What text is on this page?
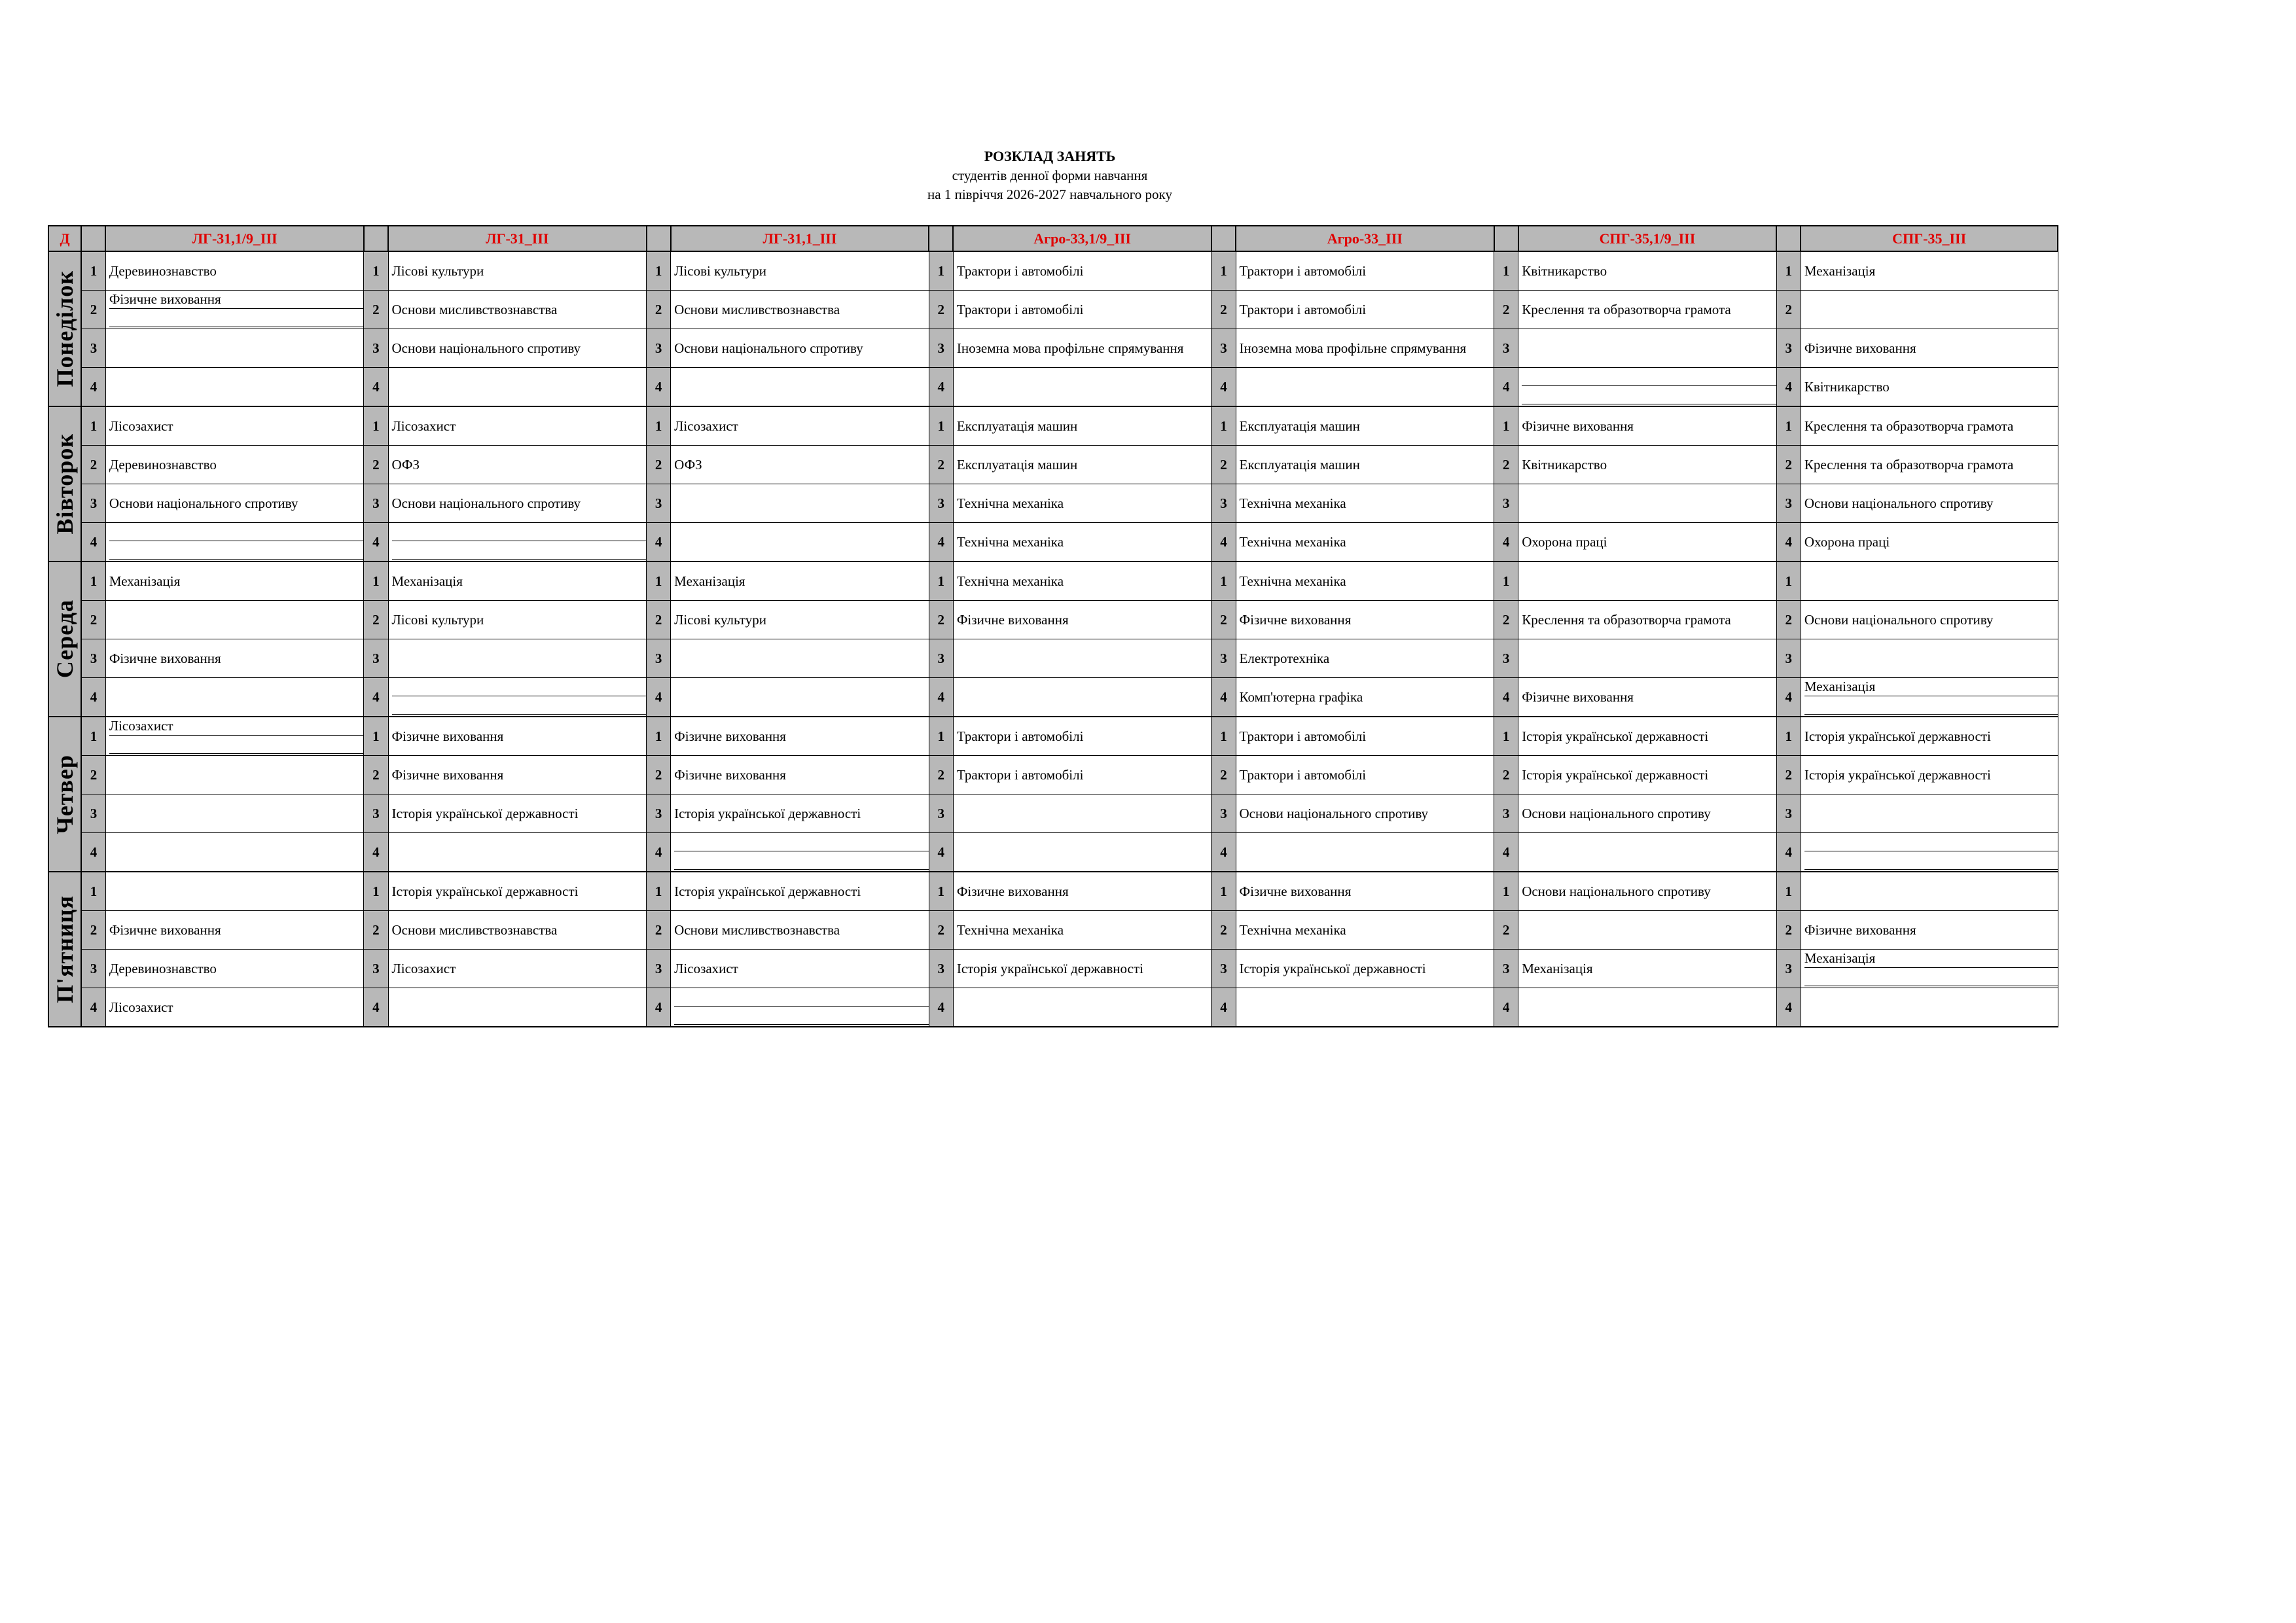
РОЗКЛАД ЗАНЯТЬ
студентів денної форми навчання
на 1 півріччя 2026-2027 навчального року
Д		ЛГ-31,1/9_ІІІ		ЛГ-31_ІІІ		ЛГ-31,1_ІІІ		Агро-33,1/9_ІІІ		Агро-33_ІІІ		СПГ-35,1/9_ІІІ		СПГ-35_ІІІ

Понеділок	1	Деревинознавство	1	Лісові культури	1	Лісові культури	1	Трактори і автомобілі	1	Трактори і автомобілі	1	Квітникарство	1	Механізація

	2	Фізичне виховання	2	Основи мисливствознавства	2	Основи мисливствознавства	2	Трактори і автомобілі	2	Трактори і автомобілі	2	Креслення та образотворча грамота	2	

	3		3	Основи національного спротиву	3	Основи національного спротиву	3	Іноземна мова профільне спрямування	3	Іноземна мова профільне спрямування	3		3	Фізичне виховання

	4		4		4		4		4		4		4	Квітникарство

Вівторок	1	Лісозахист	1	Лісозахист	1	Лісозахист	1	Експлуатація машин	1	Експлуатація машин	1	Фізичне виховання	1	Креслення та образотворча грамота

	2	Деревинознавство	2	ОФЗ	2	ОФЗ	2	Експлуатація машин	2	Експлуатація машин	2	Квітникарство	2	Креслення та образотворча грамота

	3	Основи національного спротиву	3	Основи національного спротиву	3		3	Технічна механіка	3	Технічна механіка	3		3	Основи національного спротиву

	4		4		4		4	Технічна механіка	4	Технічна механіка	4	Охорона праці	4	Охорона праці

Середа	1	Механізація	1	Механізація	1	Механізація	1	Технічна механіка	1	Технічна механіка	1		1	

	2		2	Лісові культури	2	Лісові культури	2	Фізичне виховання	2	Фізичне виховання	2	Креслення та образотворча грамота	2	Основи національного спротиву

	3	Фізичне виховання	3		3		3		3	Електротехніка	3		3	

	4		4		4		4		4	Комп'ютерна графіка	4	Фізичне виховання	4	Механізація

Четвер	1	Лісозахист	1	Фізичне виховання	1	Фізичне виховання	1	Трактори і автомобілі	1	Трактори і автомобілі	1	Історія української державності	1	Історія української державності

	2		2	Фізичне виховання	2	Фізичне виховання	2	Трактори і автомобілі	2	Трактори і автомобілі	2	Історія української державності	2	Історія української державності

	3		3	Історія української державності	3	Історія української державності	3		3	Основи національного спротиву	3	Основи національного спротиву	3	

	4		4		4		4		4		4		4	

П'ятниця	1		1	Історія української державності	1	Історія української державності	1	Фізичне виховання	1	Фізичне виховання	1	Основи національного спротиву	1	

	2	Фізичне виховання	2	Основи мисливствознавства	2	Основи мисливствознавства	2	Технічна механіка	2	Технічна механіка	2		2	Фізичне виховання

	3	Деревинознавство	3	Лісозахист	3	Лісозахист	3	Історія української державності	3	Історія української державності	3	Механізація	3	Механізація

	4	Лісозахист	4		4		4		4		4		4	
